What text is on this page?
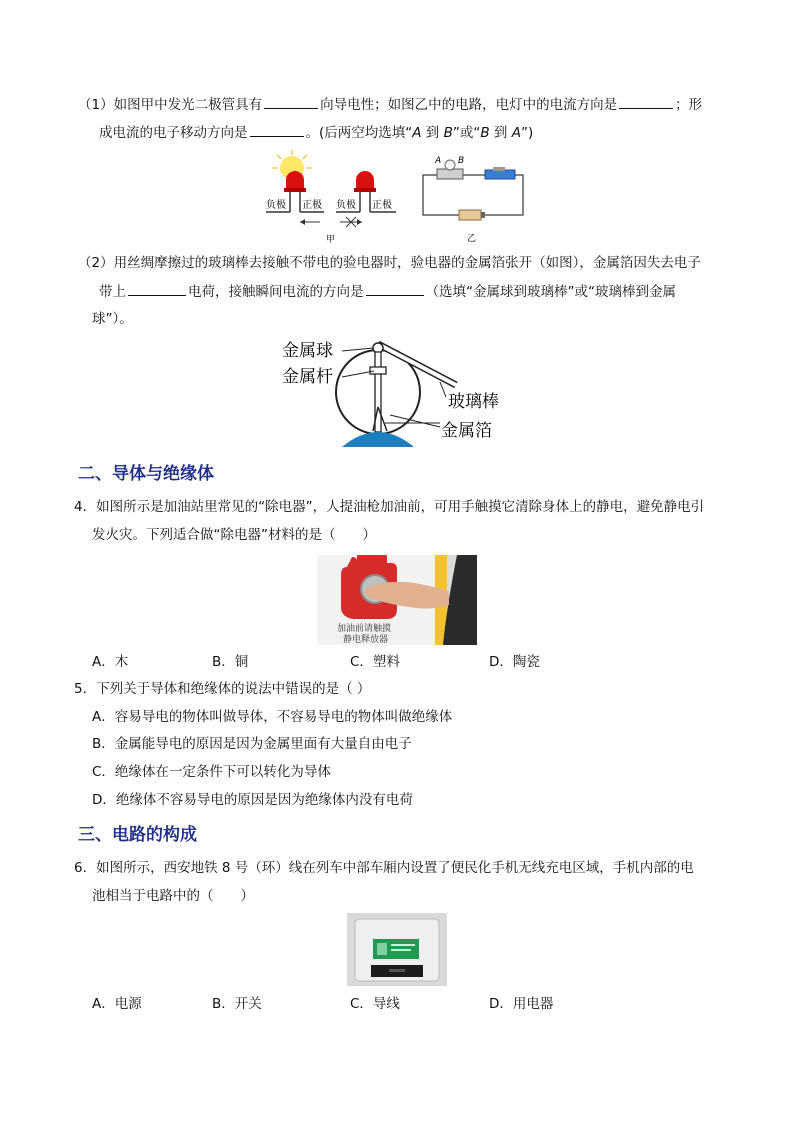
（1）如图甲中发光二极管具有	向导电性；如图乙中的电路，电灯中的电流方向是	；形
成电流的电子移动方向是	。(后两空均选填“A 到 B”或“B 到 A”)
负极 正极 负极 正极
甲
A B
乙
（2）用丝绸摩擦过的玻璃棒去接触不带电的验电器时，验电器的金属箔张开（如图），金属箔因失去电子
带上	电荷，接触瞬间电流的方向是	（选填“金属球到玻璃棒”或“玻璃棒到金属
球”）。
金属球
金属杆
玻璃棒
金属箔
二、导体与绝缘体
4．如图所示是加油站里常见的“除电器”，人提油枪加油前，可用手触摸它清除身体上的静电，避免静电引
发火灾。下列适合做“除电器”材料的是（　　）
加油前请触摸
静电释放器
A．木	B．铜	C．塑料	D．陶瓷
5．下列关于导体和绝缘体的说法中错误的是（ ）
A．容易导电的物体叫做导体，不容易导电的物体叫做绝缘体
B．金属能导电的原因是因为金属里面有大量自由电子
C．绝缘体在一定条件下可以转化为导体
D．绝缘体不容易导电的原因是因为绝缘体内没有电荷
三、电路的构成
6．如图所示，西安地铁 8 号（环）线在列车中部车厢内设置了便民化手机无线充电区域，手机内部的电
池相当于电路中的（　　）
A．电源	B．开关	C．导线	D．用电器
